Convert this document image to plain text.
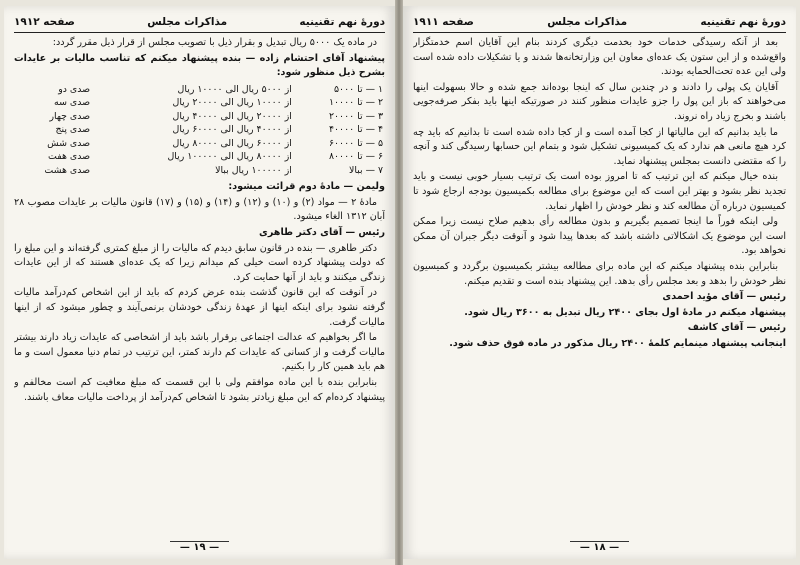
دورهٔ نهم تقنینیه
مذاکرات مجلس
صفحه ۱۹۱۲

در ماده یک ۵۰۰۰ ریال تبدیل و بقرار ذیل با تصویب مجلس از قرار ذیل مقرر گردد:

پیشنهاد آقای احتشام زاده — بنده پیشنهاد میکنم که تناسب مالیات بر عایدات بشرح ذیل منظور شود:

۱ — تا ۵۰۰۰	از ۵۰۰۰ ریال الی ۱۰۰۰۰ ریال	صدی دو
۲ — تا ۱۰۰۰۰	از ۱۰۰۰۰ ریال الی ۲۰۰۰۰ ریال	صدی سه
۳ — تا ۲۰۰۰۰	از ۲۰۰۰۰ ریال الی ۴۰۰۰۰ ریال	صدی چهار
۴ — تا ۴۰۰۰۰	از ۴۰۰۰۰ ریال الی ۶۰۰۰۰ ریال	صدی پنج
۵ — تا ۶۰۰۰۰	از ۶۰۰۰۰ ریال الی ۸۰۰۰۰ ریال	صدی شش
۶ — تا ۸۰۰۰۰	از ۸۰۰۰۰ ریال الی ۱۰۰۰۰۰ ریال	صدی هفت
۷ — ببالا	از ۱۰۰۰۰۰ ریال ببالا	صدی هشت

ولیمن — مادهٔ دوم قرائت میشود:

مادهٔ ۲ — مواد (۲) و (۱۰) و (۱۲) و (۱۴) و (۱۵) و (۱۷) قانون مالیات بر عایدات مصوب ۲۸ آبان ۱۳۱۲ الغاء میشود.

رئیس — آقای دکتر طاهری

دکتر طاهری — بنده در قانون سابق دیدم که مالیات را از مبلغ کمتری گرفته‌اند و این مبلغ را که دولت پیشنهاد کرده است خیلی کم میدانم زیرا که یک عده‌ای هستند که از این عایدات زندگی میکنند و باید از آنها حمایت کرد.

در آنوقت که این قانون گذشت بنده عرض کردم که باید از این اشخاص کم‌درآمد مالیات گرفته نشود برای اینکه اینها از عهدهٔ زندگی خودشان برنمی‌آیند و چطور میشود که از اینها مالیات گرفت.

ما اگر بخواهیم که عدالت اجتماعی برقرار باشد باید از اشخاصی که عایدات زیاد دارند بیشتر مالیات گرفت و از کسانی که عایدات کم دارند کمتر، این ترتیب در تمام دنیا معمول است و ما هم باید همین کار را بکنیم.

بنابراین بنده با این ماده موافقم ولی با این قسمت که مبلغ معافیت کم است مخالفم و پیشنهاد کرده‌ام که این مبلغ زیادتر بشود تا اشخاص کم‌درآمد از پرداخت مالیات معاف باشند.

— ۱۹ —
دورهٔ نهم تقنینیه
مذاکرات مجلس
صفحه ۱۹۱۱

بعد از آنکه رسیدگی خدمات خود بخدمت دیگری کردند بنام این آقایان اسم خدمتگزار واقع‌شده و از این ستون یک عده‌ای معاون این وزارتخانه‌ها شدند و یا تشکیلات داده شده است ولی این عده تحت‌الحمایه بودند.

آقایان یک پولی را دادند و در چندین سال که اینجا بوده‌اند جمع شده و حالا بسهولت اینها می‌خواهند که باز این پول را جزو عایدات منظور کنند در صورتیکه اینها باید بفکر صرفه‌جویی باشند و بخرج زیاد راه نروند.

ما باید بدانیم که این مالیاتها از کجا آمده است و از کجا داده شده است تا بدانیم که باید چه کرد هیچ مانعی هم ندارد که یک کمیسیونی تشکیل شود و بتمام این حسابها رسیدگی کند و آنچه را که مقتضی دانست بمجلس پیشنهاد نماید.

بنده خیال میکنم که این ترتیب که تا امروز بوده است یک ترتیب بسیار خوبی نیست و باید تجدید نظر بشود و بهتر این است که این موضوع برای مطالعه بکمیسیون بودجه ارجاع شود تا کمیسیون درباره آن مطالعه کند و نظر خودش را اظهار نماید.

ولی اینکه فوراً ما اینجا تصمیم بگیریم و بدون مطالعه رأی بدهیم صلاح نیست زیرا ممکن است این موضوع یک اشکالاتی داشته باشد که بعدها پیدا شود و آنوقت دیگر جبران آن ممکن نخواهد بود.

بنابراین بنده پیشنهاد میکنم که این ماده برای مطالعه بیشتر بکمیسیون برگردد و کمیسیون نظر خودش را بدهد و بعد مجلس رأی بدهد. این پیشنهاد بنده است و تقدیم میکنم.

رئیس — آقای مؤید احمدی

پیشنهاد میکنم در مادهٔ اول بجای ۲۴۰۰ ریال تبدیل به ۳۶۰۰ ریال شود.

رئیس — آقای کاشف

اینجانب پیشنهاد مینمایم کلمهٔ ۲۴۰۰ ریال مذکور در ماده فوق حذف شود.

— ۱۸ —
